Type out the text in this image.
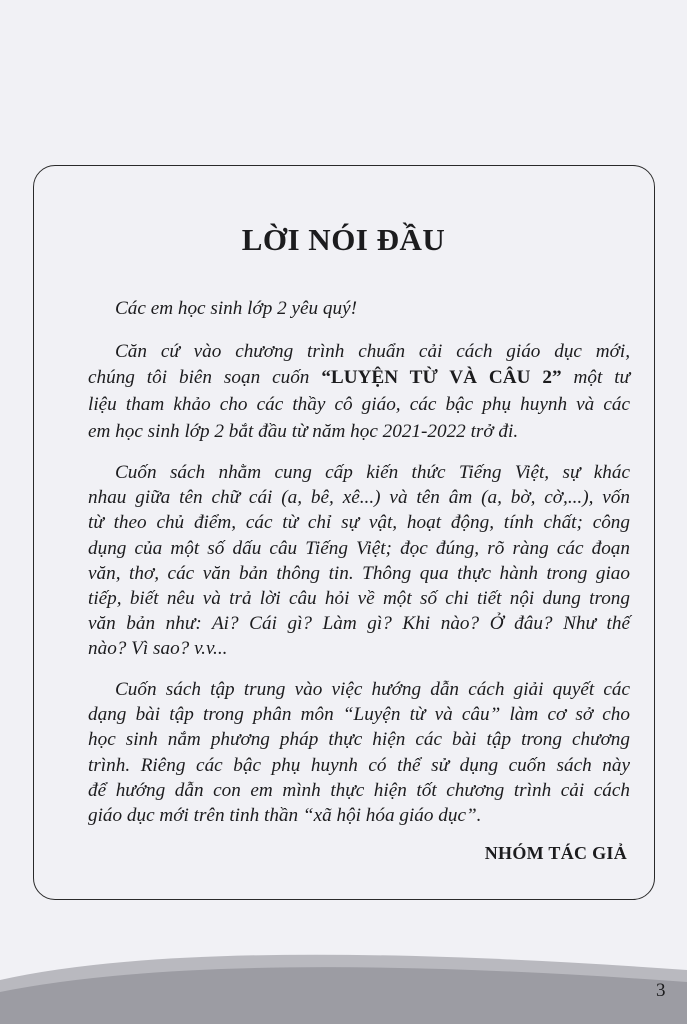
LỜI NÓI ĐẦU
Các em học sinh lớp 2 yêu quý!
Căn cứ vào chương trình chuẩn cải cách giáo dục mới,
chúng tôi biên soạn cuốn “LUYỆN TỪ VÀ CÂU 2” một tư
liệu tham khảo cho các thầy cô giáo, các bậc phụ huynh và các
em học sinh lớp 2 bắt đầu từ năm học 2021-2022 trở đi.
Cuốn sách nhằm cung cấp kiến thức Tiếng Việt, sự khác
nhau giữa tên chữ cái (a, bê, xê...) và tên âm (a, bờ, cờ,...), vốn
từ theo chủ điểm, các từ chỉ sự vật, hoạt động, tính chất; công
dụng của một số dấu câu Tiếng Việt; đọc đúng, rõ ràng các đoạn
văn, thơ, các văn bản thông tin. Thông qua thực hành trong giao
tiếp, biết nêu và trả lời câu hỏi về một số chi tiết nội dung trong
văn bản như: Ai? Cái gì? Làm gì? Khi nào? Ở đâu? Như thế
nào? Vì sao? v.v...
Cuốn sách tập trung vào việc hướng dẫn cách giải quyết các
dạng bài tập trong phân môn “Luyện từ và câu” làm cơ sở cho
học sinh nắm phương pháp thực hiện các bài tập trong chương
trình. Riêng các bậc phụ huynh có thể sử dụng cuốn sách này
để hướng dẫn con em mình thực hiện tốt chương trình cải cách
giáo dục mới trên tinh thần “xã hội hóa giáo dục”.
NHÓM TÁC GIẢ
3
